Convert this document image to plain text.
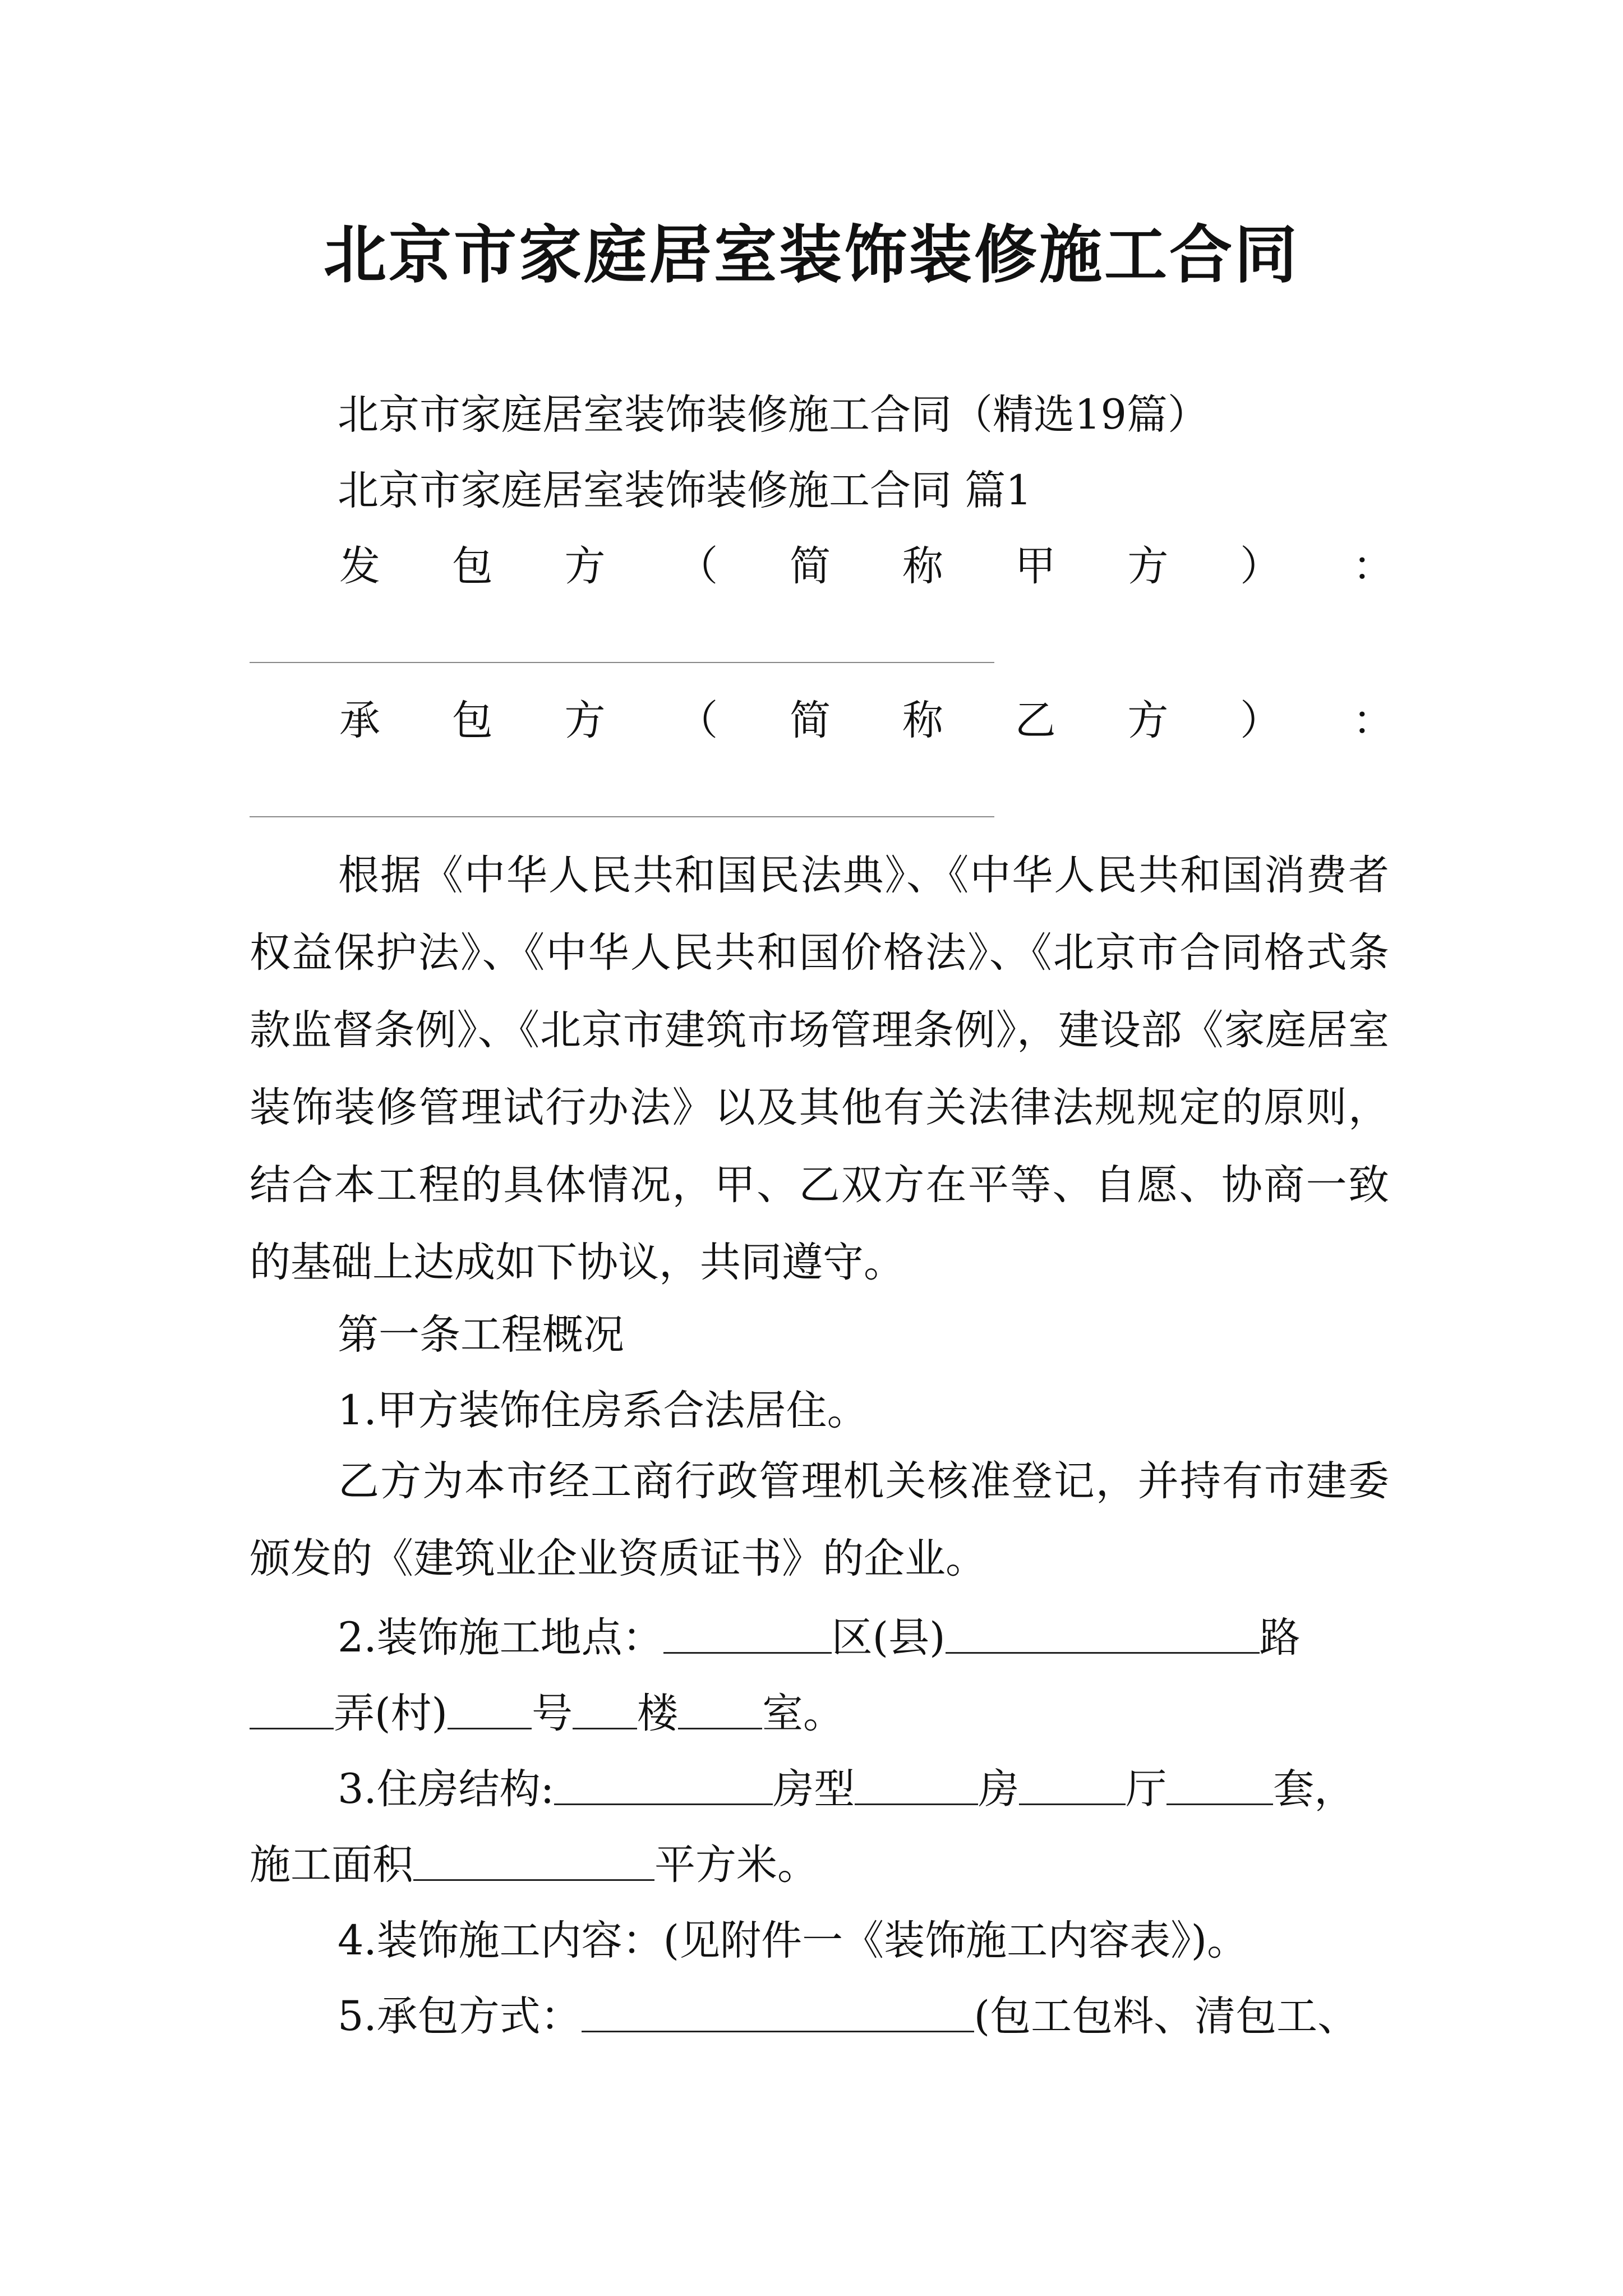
北京市家庭居室装饰装修施工合同
北京市家庭居室装饰装修施工合同（精选19篇）
北京市家庭居室装饰装修施工合同 篇1
发 包 方 （ 简 称 甲 方 ） ：
承 包 方 （ 简 称 乙 方 ） ：

根据《中华人民共和国民法典》、《中华人民共和国消费者权益保护法》、《中华人民共和国价格法》、《北京市合同格式条款监督条例》、《北京市建筑市场管理条例》，建设部《家庭居室装饰装修管理试行办法》以及其他有关法律法规规定的原则，结合本工程的具体情况，甲、乙双方在平等、自愿、协商一致的基础上达成如下协议，共同遵守。

第一条工程概况
1.甲方装饰住房系合法居住。

乙方为本市经工商行政管理机关核准登记，并持有市建委颁发的《建筑业企业资质证书》的企业。

2.装饰施工地点：	区(县)	路
弄(村) 号 楼 室。
3.住房结构:	房型	房	厅	套，
施工面积	平方米。
4.装饰施工内容：(见附件一《装饰施工内容表》)。
5.承包方式：	(包工包料、清包工、
